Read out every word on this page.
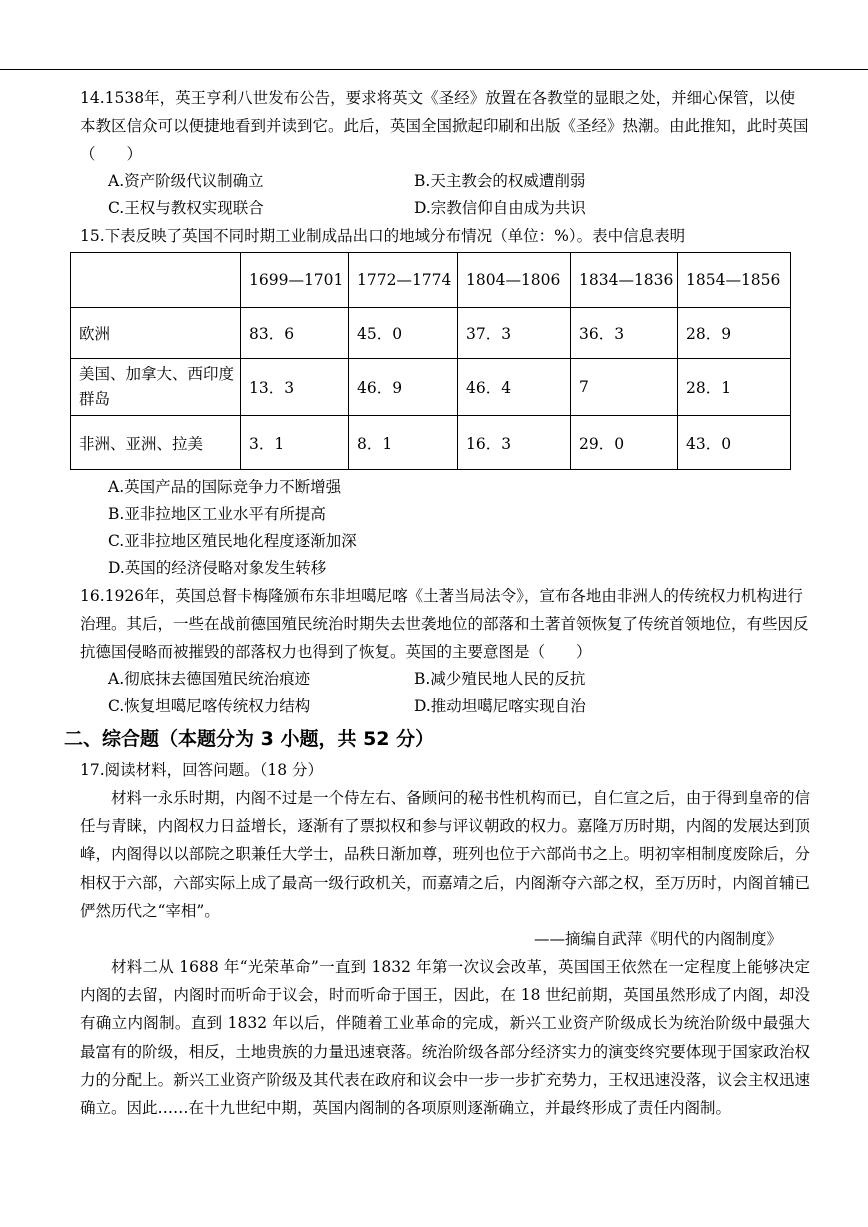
14.1538年，英王亨利八世发布公告，要求将英文《圣经》放置在各教堂的显眼之处，并细心保管，以使本教区信众可以便捷地看到并读到它。此后，英国全国掀起印刷和出版《圣经》热潮。由此推知，此时英国（　　）

A.资产阶级代议制确立	B.天主教会的权威遭削弱
C.王权与教权实现联合	D.宗教信仰自由成为共识

15.下表反映了英国不同时期工业制成品出口的地域分布情况（单位：%）。表中信息表明

	1699—1701	1772—1774	1804—1806	1834—1836	1854—1856
欧洲	83．6	45．0	37．3	36．3	28．9
美国、加拿大、西印度群岛	13．3	46．9	46．4	7	28．1
非洲、亚洲、拉美	3．1	8．1	16．3	29．0	43．0

A.英国产品的国际竞争力不断增强

B.亚非拉地区工业水平有所提高

C.亚非拉地区殖民地化程度逐渐加深

D.英国的经济侵略对象发生转移

16.1926年，英国总督卡梅隆颁布东非坦噶尼喀《土著当局法令》，宣布各地由非洲人的传统权力机构进行治理。其后，一些在战前德国殖民统治时期失去世袭地位的部落和土著首领恢复了传统首领地位，有些因反抗德国侵略而被摧毁的部落权力也得到了恢复。英国的主要意图是（　　）

A.彻底抹去德国殖民统治痕迹	B.减少殖民地人民的反抗
C.恢复坦噶尼喀传统权力结构	D.推动坦噶尼喀实现自治

二、综合题（本题分为 3 小题，共 52 分）

17.阅读材料，回答问题。（18 分）

材料一永乐时期，内阁不过是一个侍左右、备顾问的秘书性机构而已，自仁宣之后，由于得到皇帝的信任与青睐，内阁权力日益增长，逐渐有了票拟权和参与评议朝政的权力。嘉隆万历时期，内阁的发展达到顶峰，内阁得以以部院之职兼任大学士，品秩日渐加尊，班列也位于六部尚书之上。明初宰相制度废除后，分相权于六部，六部实际上成了最高一级行政机关，而嘉靖之后，内阁渐夺六部之权，至万历时，内阁首辅已俨然历代之“宰相”。

——摘编自武萍《明代的内阁制度》

材料二从 1688 年“光荣革命”一直到 1832 年第一次议会改革，英国国王依然在一定程度上能够决定内阁的去留，内阁时而听命于议会，时而听命于国王，因此，在 18 世纪前期，英国虽然形成了内阁，却没有确立内阁制。直到 1832 年以后，伴随着工业革命的完成，新兴工业资产阶级成长为统治阶级中最强大最富有的阶级，相反，土地贵族的力量迅速衰落。统治阶级各部分经济实力的演变终究要体现于国家政治权力的分配上。新兴工业资产阶级及其代表在政府和议会中一步一步扩充势力，王权迅速没落，议会主权迅速确立。因此……在十九世纪中期，英国内阁制的各项原则逐渐确立，并最终形成了责任内阁制。
